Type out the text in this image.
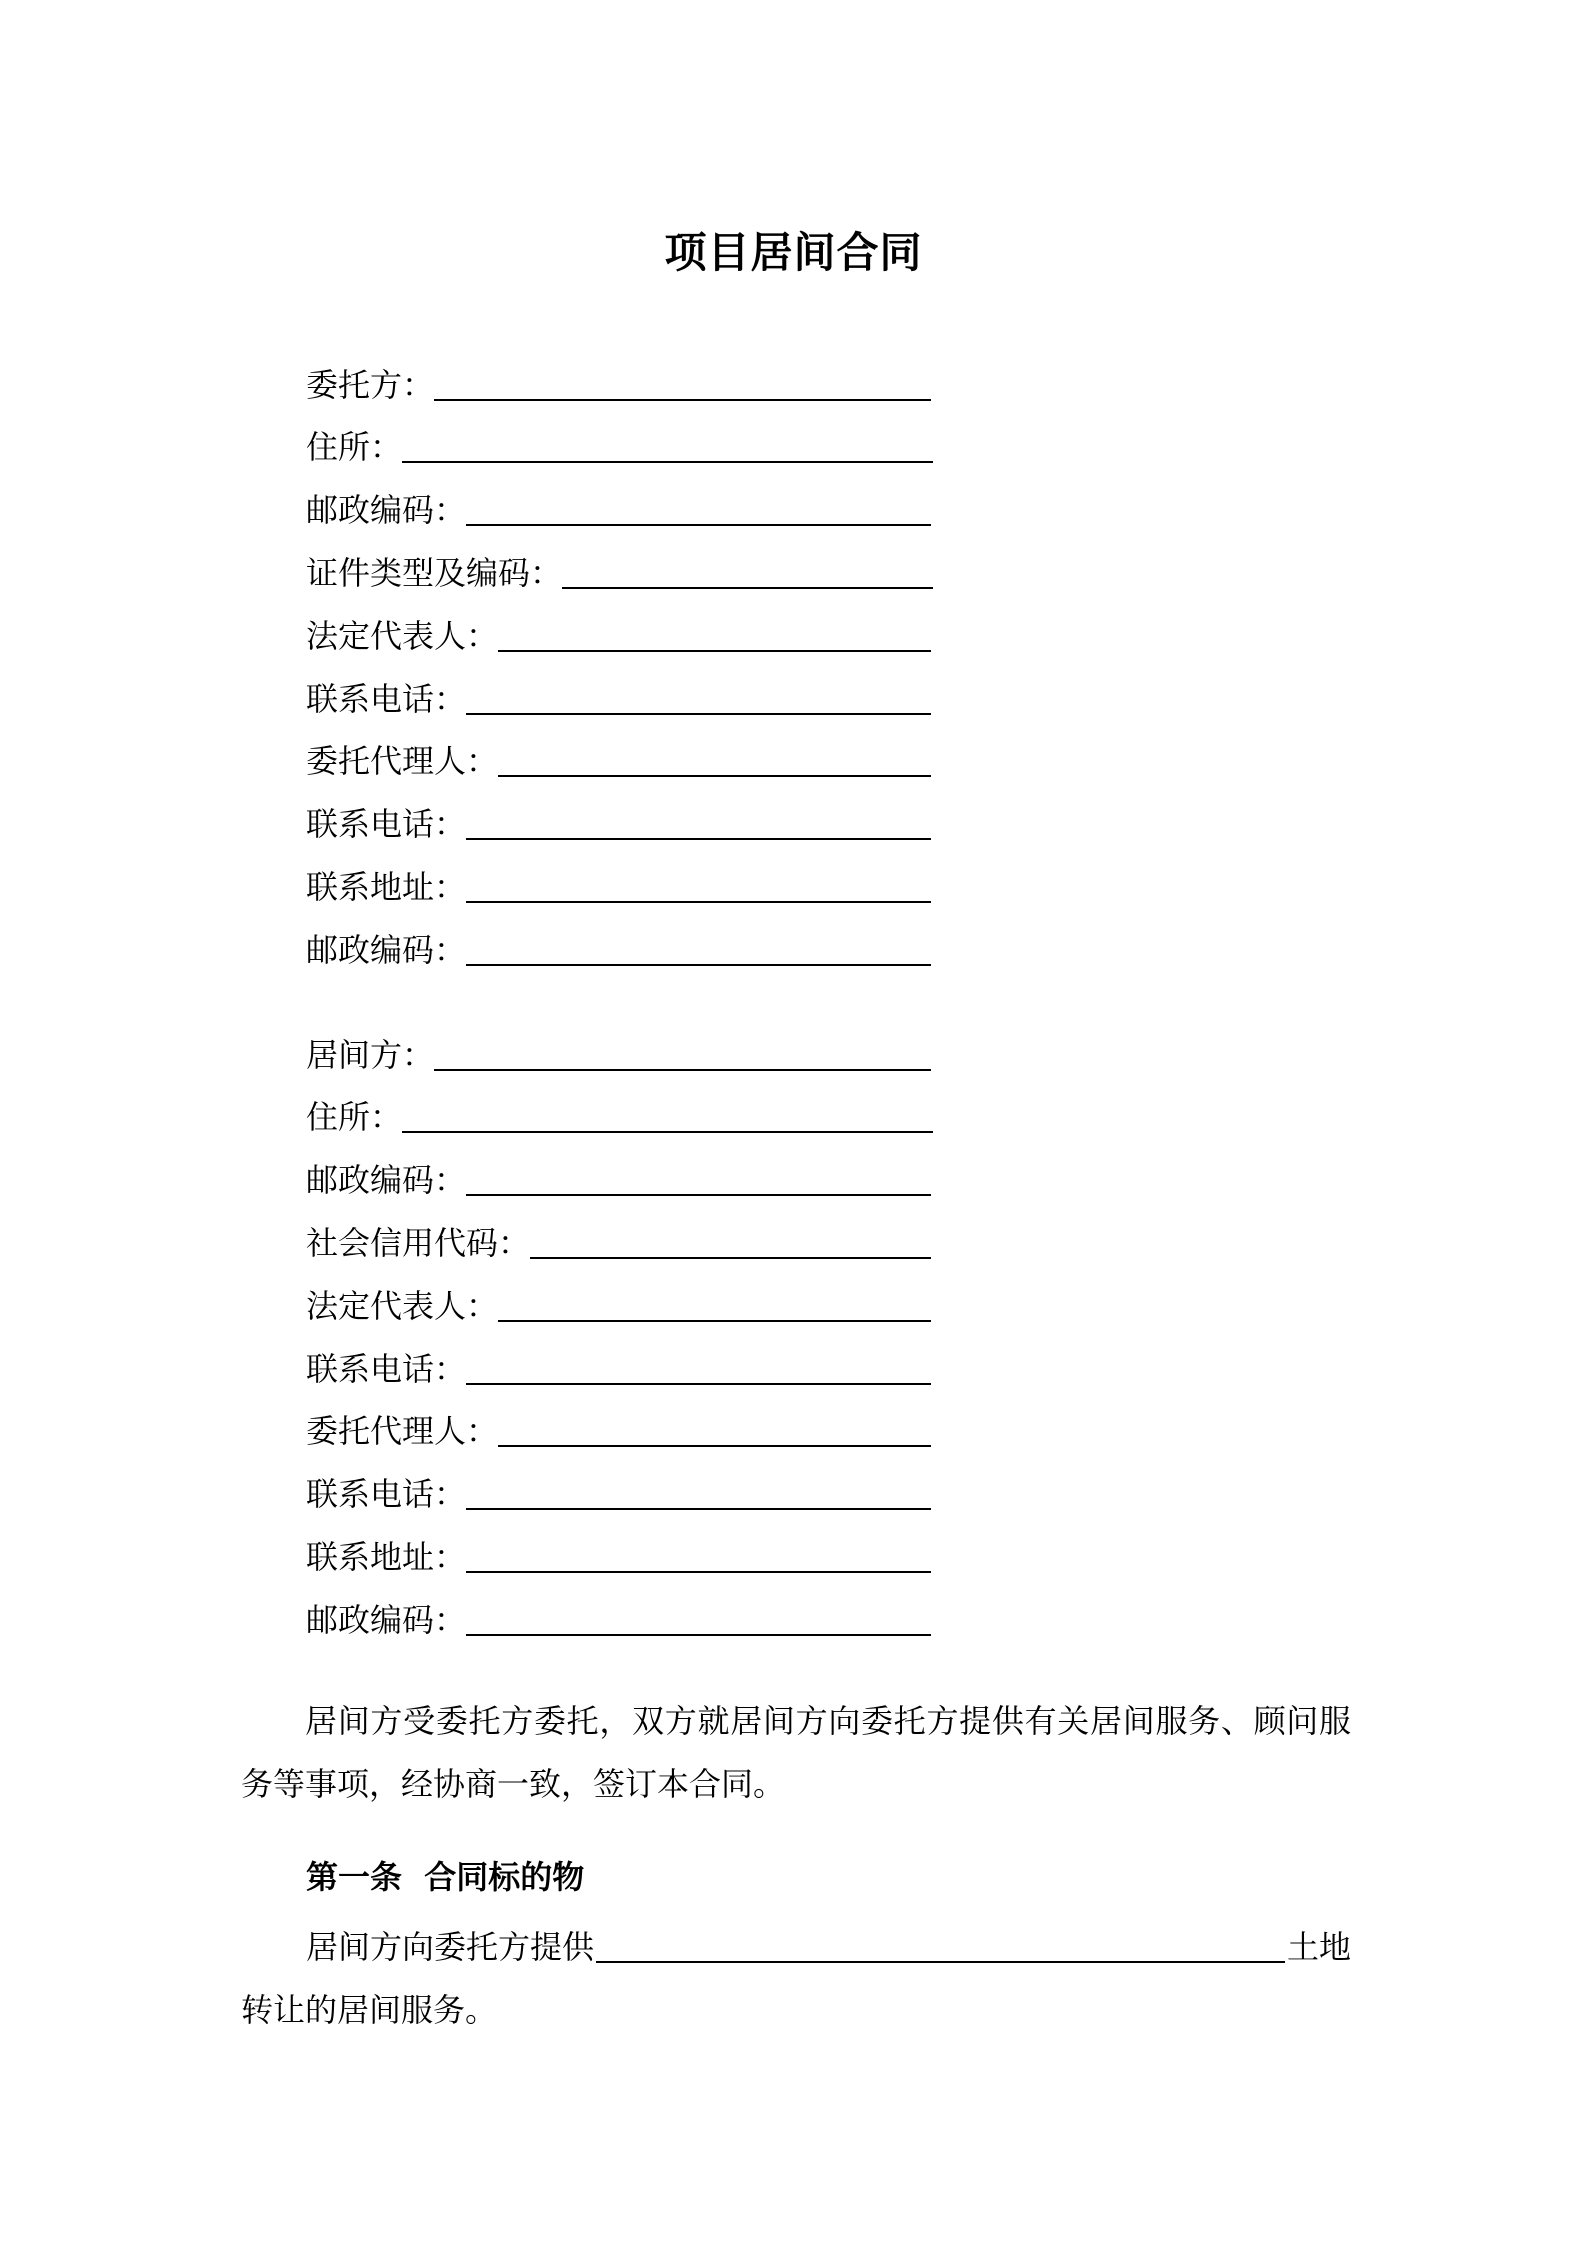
项目居间合同
委托方：
住所：
邮政编码：
证件类型及编码：
法定代表人：
联系电话：
委托代理人：
联系电话：
联系地址：
邮政编码：
居间方：
住所：
邮政编码：
社会信用代码：
法定代表人：
联系电话：
委托代理人：
联系电话：
联系地址：
邮政编码：
居间方受委托方委托，双方就居间方向委托方提供有关居间服务、顾问服务等事项，经协商一致，签订本合同。
第一条  合同标的物
居间方向委托方提供	土地
转让的居间服务。
